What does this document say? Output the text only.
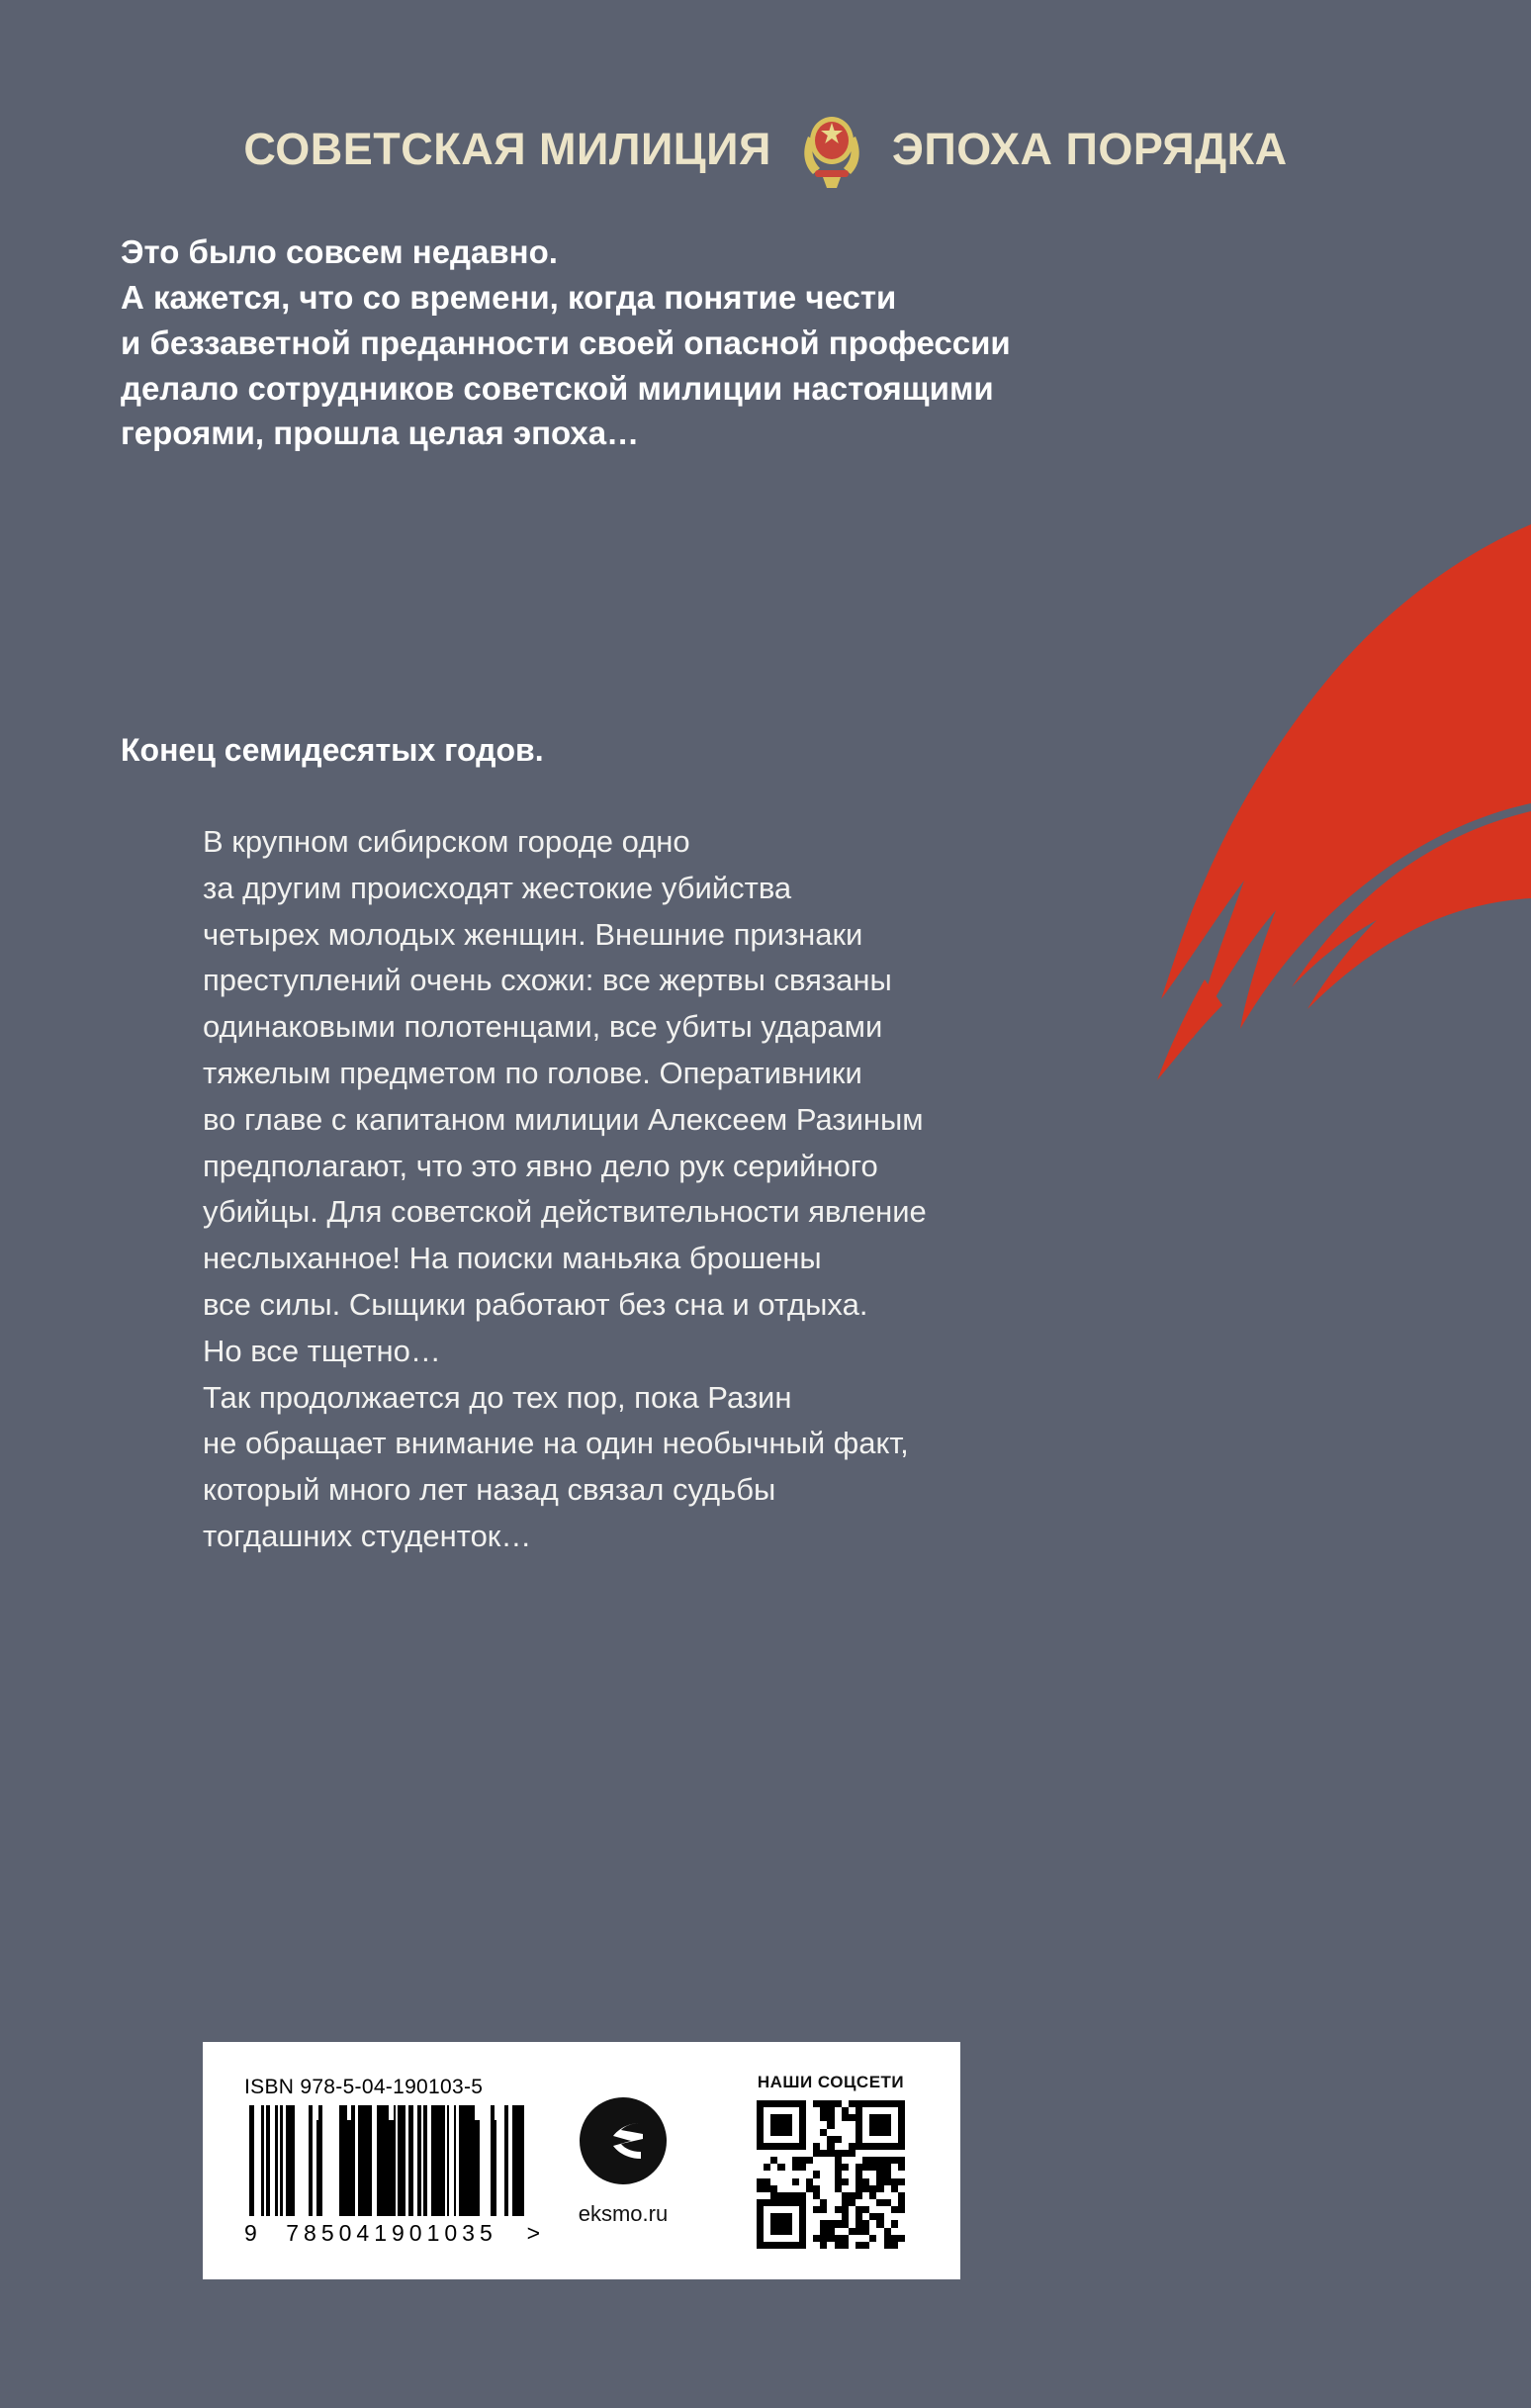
СОВЕТСКАЯ МИЛИЦИЯ	ЭПОХА ПОРЯДКА

Это было совсем недавно.

А кажется, что со времени, когда понятие чести

и беззаветной преданности своей опасной профессии

делало сотрудников советской милиции настоящими

героями, прошла целая эпоха…

Конец семидесятых годов.

В крупном сибирском городе одно

за другим происходят жестокие убийства

четырех молодых женщин. Внешние признаки

преступлений очень схожи: все жертвы связаны

одинаковыми полотенцами, все убиты ударами

тяжелым предметом по голове. Оперативники

во главе с капитаном милиции Алексеем Разиным

предполагают, что это явно дело рук серийного

убийцы. Для советской действительности явление

неслыханное! На поиски маньяка брошены

все силы. Сыщики работают без сна и отдыха.

Но все тщетно…

Так продолжается до тех пор, пока Разин

не обращает внимание на один необычный факт,

который много лет назад связал судьбы

тогдашних студенток…

ISBN 978-5-04-190103-5
9	785041901035	>
eksmo.ru
НАШИ СОЦСЕТИ
